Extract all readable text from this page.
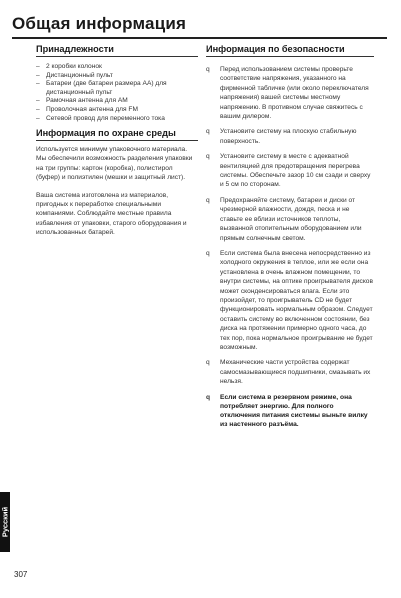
Общая информация
Принадлежности
– 2 коробки колонок
– Дистанционный пульт
– Батареи (две батареи размера AA) для дистанционный пульт
– Рамочная антенна для AM
– Проволочная антенна для FM
– Сетевой провод для переменного тока
Информация по охране среды

Используется минимум упаковочного материала. Мы обеспечили возможность разделения упаковки на три группы: картон (коробка), полистирол (буфер) и полиэтилен (мешки и защитный лист).

Ваша система изготовлена из материалов, пригодных к переработке специальными компаниями. Соблюдайте местные правила избавления от упаковки, старого оборудования и использованных батарей.

Информация по безопасности
q Перед использованием системы проверьте соответствие напряжения, указанного на фирменной табличке (или около переключателя напряжения) вашей системы местному напряжению. В противном случае свяжитесь с вашим дилером.
q Установите систему на плоскую стабильную поверхность.
q Установите систему в месте с адекватной вентиляцией для предотвращения перегрева системы. Обеспечьте зазор 10 см сзади и сверху и 5 см по сторонам.
q Предохраняйте систему, батареи и диски от чрезмерной влажности, дождя, песка и не ставьте ее вблизи источников теплоты, вызванной отопительным оборудованием или прямым солнечным светом.
q Если система была внесена непосредственно из холодного окружения в теплое, или же если она установлена в очень влажном помещении, то внутри системы, на оптике проигрывателя дисков может сконденсироваться влага. Если это произойдет, то проигрыватель CD не будет функционировать нормальным образом. Следует оставить систему во включенном состоянии, без диска на протяжении примерно одного часа, до тех пор, пока нормальное проигрывание не будет возможным.
q Механические части устройства содержат самосмазывающиеся подшипники, смазывать их нельзя.
q Если система в резервном режиме, она потребляет энергию. Для полного отключения питания системы выньте вилку из настенного разъёма.
Русский
307
